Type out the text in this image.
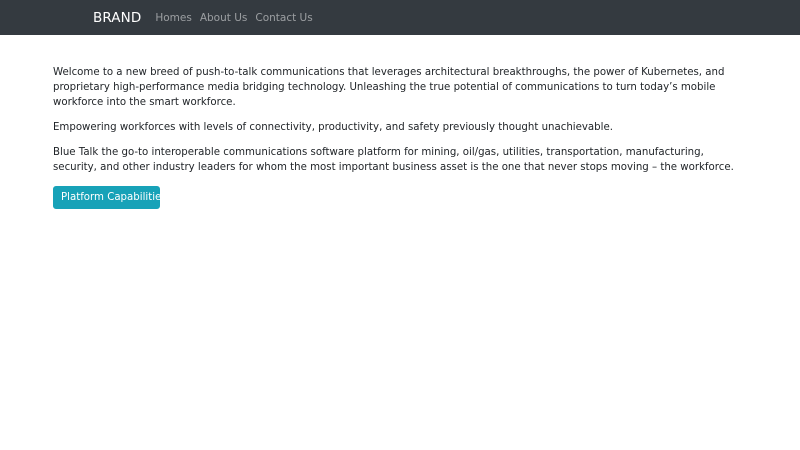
BRAND Homes About Us Contact Us

Welcome to a new breed of push-to-talk communications that leverages architectural breakthroughs, the power of Kubernetes, and proprietary high-performance media bridging technology. Unleashing the true potential of communications to turn today’s mobile workforce into the smart workforce.

Empowering workforces with levels of connectivity, productivity, and safety previously thought unachievable.

Blue Talk the go-to interoperable communications software platform for mining, oil/gas, utilities, transportation, manufacturing, security, and other industry leaders for whom the most important business asset is the one that never stops moving – the workforce.

Platform Capabilities
